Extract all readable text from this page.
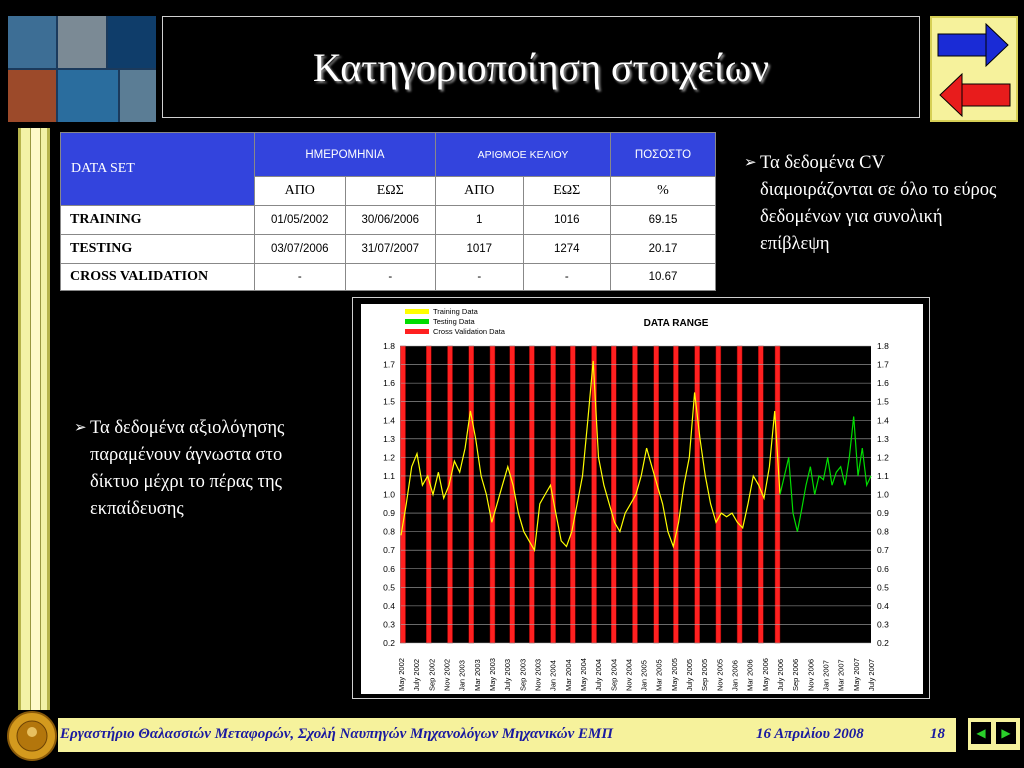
Κατηγοριοποίηση στοιχείων
DATA SET	ΗΜΕΡΟΜΗΝΙΑ		ΑΡΙΘΜΟΕ ΚΕΛΙΟΥ		ΠΟΣΟΣΤΟ
	ΑΠΟ	ΕΩΣ	ΑΠΟ	ΕΩΣ	%
TRAINING	01/05/2002	30/06/2006	1	1016	69.15
TESTING	03/07/2006	31/07/2007	1017	1274	20.17
CROSS VALIDATION	-	-	-	-	10.67
➢ Τα δεδομένα CV διαμοιράζονται σε όλο το εύρος δεδομένων για συνολική επίβλεψη
➢ Τα δεδομένα αξιολόγησης παραμένουν άγνωστα στο δίκτυο μέχρι το πέρας της εκπαίδευσης
0.2	0.2
0.3	0.3
0.4	0.4
0.5	0.5
0.6	0.6
0.7	0.7
0.8	0.8
0.9	0.9
1.0	1.0
1.1	1.1
1.2	1.2
1.3	1.3
1.4	1.4
1.5	1.5
1.6	1.6
1.7	1.7
1.8	1.8
May 2002 July 2002 Sep 2002 Nov 2002 Jan 2003 Mar 2003 May 2003 July 2003 Sep 2003 Nov 2003 Jan 2004 Mar 2004 May 2004 July 2004 Sep 2004 Nov 2004 Jan 2005 Mar 2005 May 2005 July 2005 Sep 2005 Nov 2005 Jan 2006 Mar 2006 May 2006 July 2006 Sep 2006 Nov 2006 Jan 2007 Mar 2007 May 2007 July 2007
DATA RANGE
Training Data
Testing Data
Cross Validation Data
Εργαστήριο Θαλασσιών Μεταφορών, Σχολή Ναυπηγών Μηχανολόγων Μηχανικών ΕΜΠ	16 Απριλίου 2008	18	◀	▶
